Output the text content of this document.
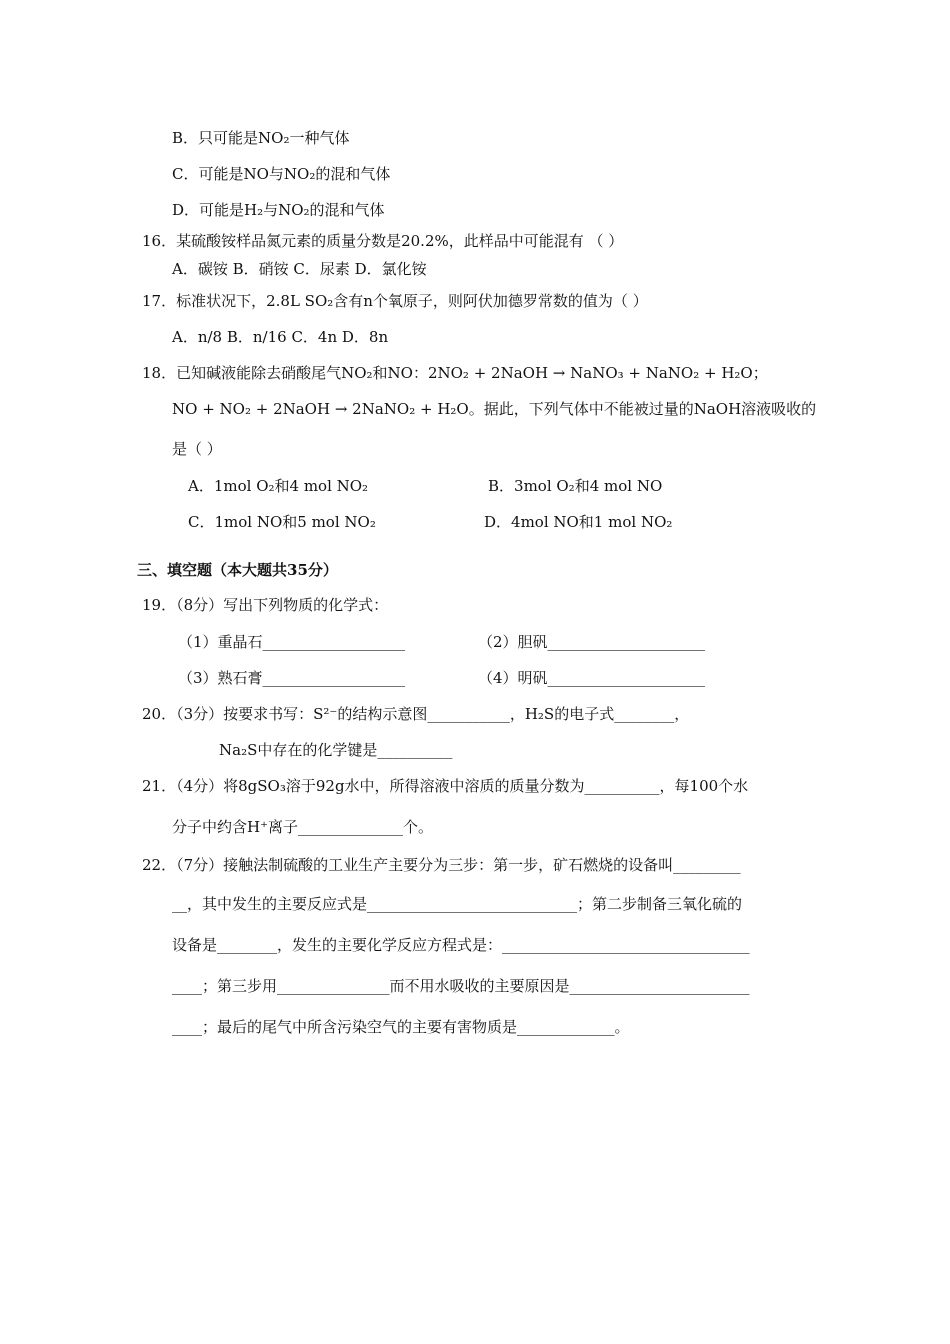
B．只可能是NO₂一种气体
C．可能是NO与NO₂的混和气体
D．可能是H₂与NO₂的混和气体
16．某硫酸铵样品氮元素的质量分数是20.2%，此样品中可能混有 （ ）
A．碳铵 B．硝铵 C．尿素 D．氯化铵
17．标准状况下，2.8L SO₂含有n个氧原子，则阿伏加德罗常数的值为（ ）
A．n/8 B．n/16 C．4n D．8n
18．已知碱液能除去硝酸尾气NO₂和NO：2NO₂ + 2NaOH → NaNO₃ + NaNO₂ + H₂O；
NO + NO₂ + 2NaOH → 2NaNO₂ + H₂O。据此，下列气体中不能被过量的NaOH溶液吸收的
是（ ）
A．1mol O₂和4 mol NO₂	B．3mol O₂和4 mol NO
C．1mol NO和5 mol NO₂	D．4mol NO和1 mol NO₂
三、填空题（本大题共35分）
19．（8分）写出下列物质的化学式：
（1）重晶石___________________	（2）胆矾_____________________
（3）熟石膏___________________	（4）明矾_____________________
20．（3分）按要求书写：S²⁻的结构示意图___________，H₂S的电子式________，
Na₂S中存在的化学键是__________
21．（4分）将8gSO₃溶于92g水中，所得溶液中溶质的质量分数为__________，每100个水
分子中约含H⁺离子______________个。
22．（7分）接触法制硫酸的工业生产主要分为三步：第一步，矿石燃烧的设备叫_________
__，其中发生的主要反应式是____________________________；第二步制备三氧化硫的
设备是________，发生的主要化学反应方程式是：_________________________________
____；第三步用_______________而不用水吸收的主要原因是________________________
____；最后的尾气中所含污染空气的主要有害物质是_____________。
